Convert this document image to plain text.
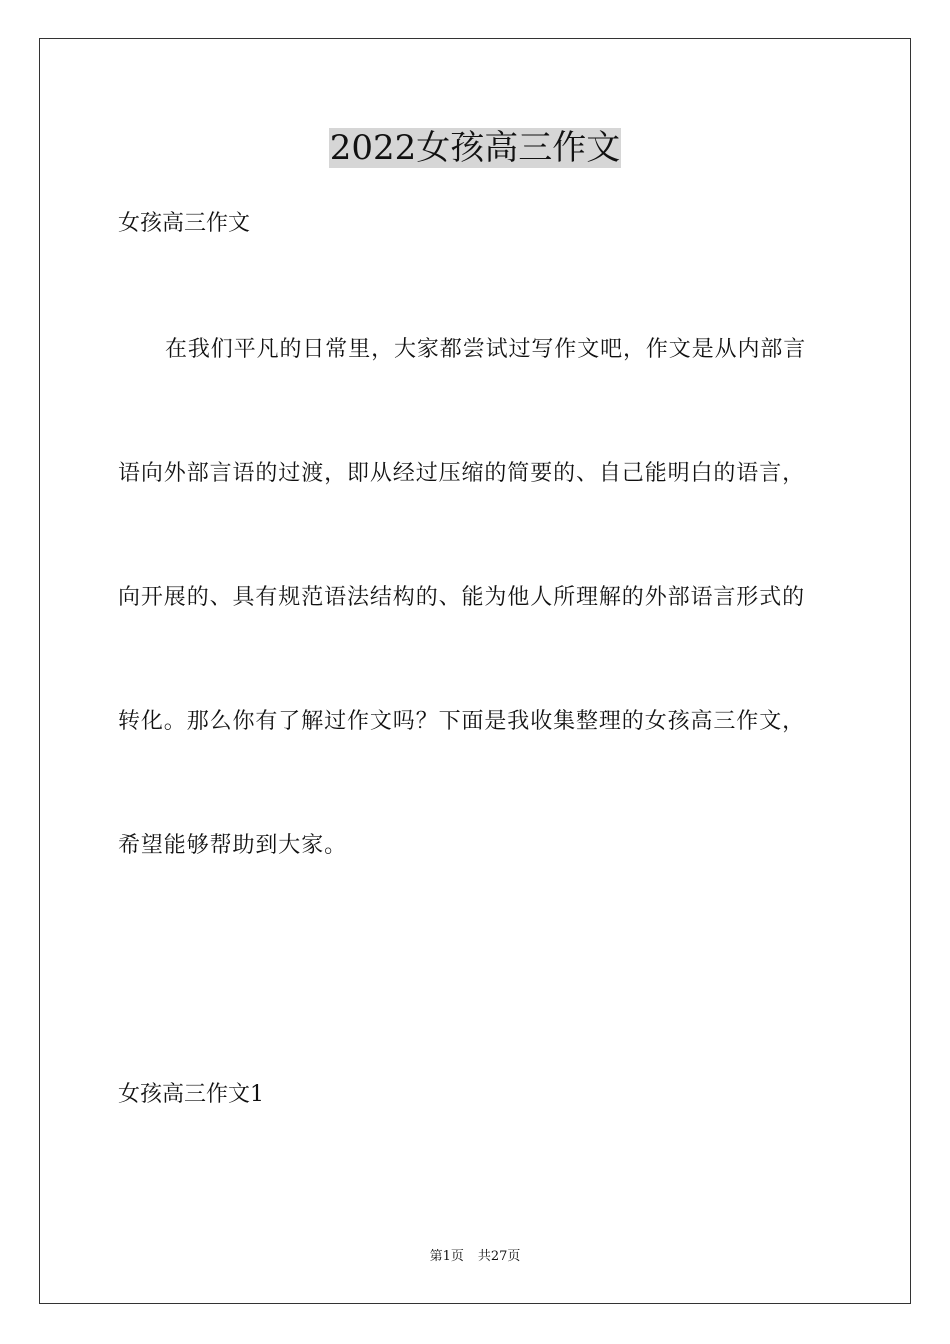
2022女孩高三作文
女孩高三作文
在我们平凡的日常里，大家都尝试过写作文吧，作文是从内部言
语向外部言语的过渡，即从经过压缩的简要的、自己能明白的语言，
向开展的、具有规范语法结构的、能为他人所理解的外部语言形式的
转化。那么你有了解过作文吗？下面是我收集整理的女孩高三作文，
希望能够帮助到大家。
女孩高三作文1
第1页 共27页
